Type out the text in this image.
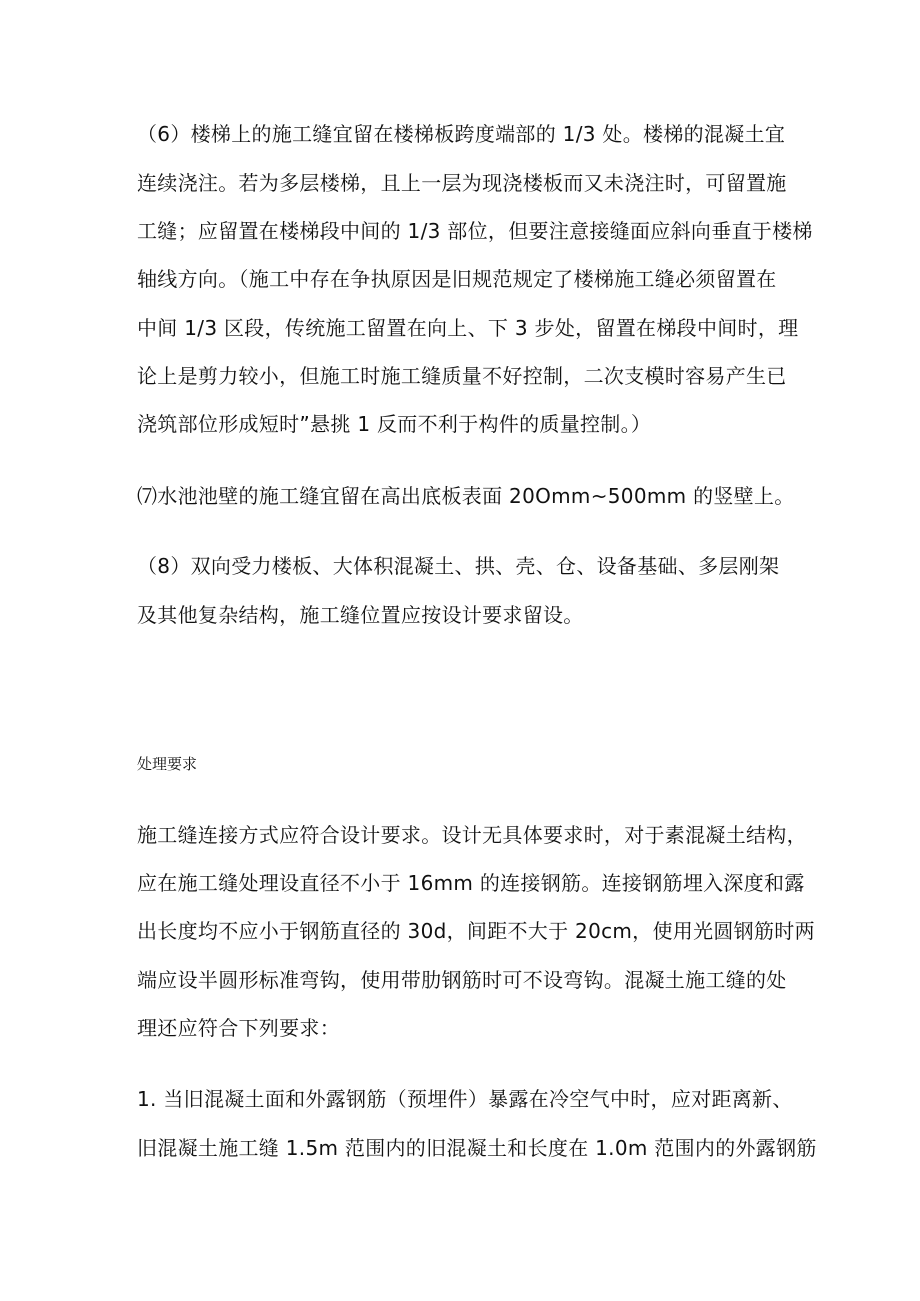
（6）楼梯上的施工缝宜留在楼梯板跨度端部的 1/3 处。楼梯的混凝土宜
连续浇注。若为多层楼梯，且上一层为现浇楼板而又未浇注时，可留置施
工缝；应留置在楼梯段中间的 1/3 部位，但要注意接缝面应斜向垂直于楼梯
轴线方向。（施工中存在争执原因是旧规范规定了楼梯施工缝必须留置在
中间 1/3 区段，传统施工留置在向上、下 3 步处，留置在梯段中间时，理
论上是剪力较小，但施工时施工缝质量不好控制，二次支模时容易产生已
浇筑部位形成短时”悬挑 1 反而不利于构件的质量控制。）
⑺水池池壁的施工缝宜留在高出底板表面 20Omm~500mm 的竖壁上。
（8）双向受力楼板、大体积混凝土、拱、壳、仓、设备基础、多层刚架
及其他复杂结构，施工缝位置应按设计要求留设。
处理要求
施工缝连接方式应符合设计要求。设计无具体要求时，对于素混凝土结构，
应在施工缝处理设直径不小于 16mm 的连接钢筋。连接钢筋埋入深度和露
出长度均不应小于钢筋直径的 30d，间距不大于 20cm，使用光圆钢筋时两
端应设半圆形标准弯钩，使用带肋钢筋时可不设弯钩。混凝土施工缝的处
理还应符合下列要求：
1. 当旧混凝土面和外露钢筋（预埋件）暴露在冷空气中时，应对距离新、
旧混凝土施工缝 1.5m 范围内的旧混凝土和长度在 1.0m 范围内的外露钢筋
